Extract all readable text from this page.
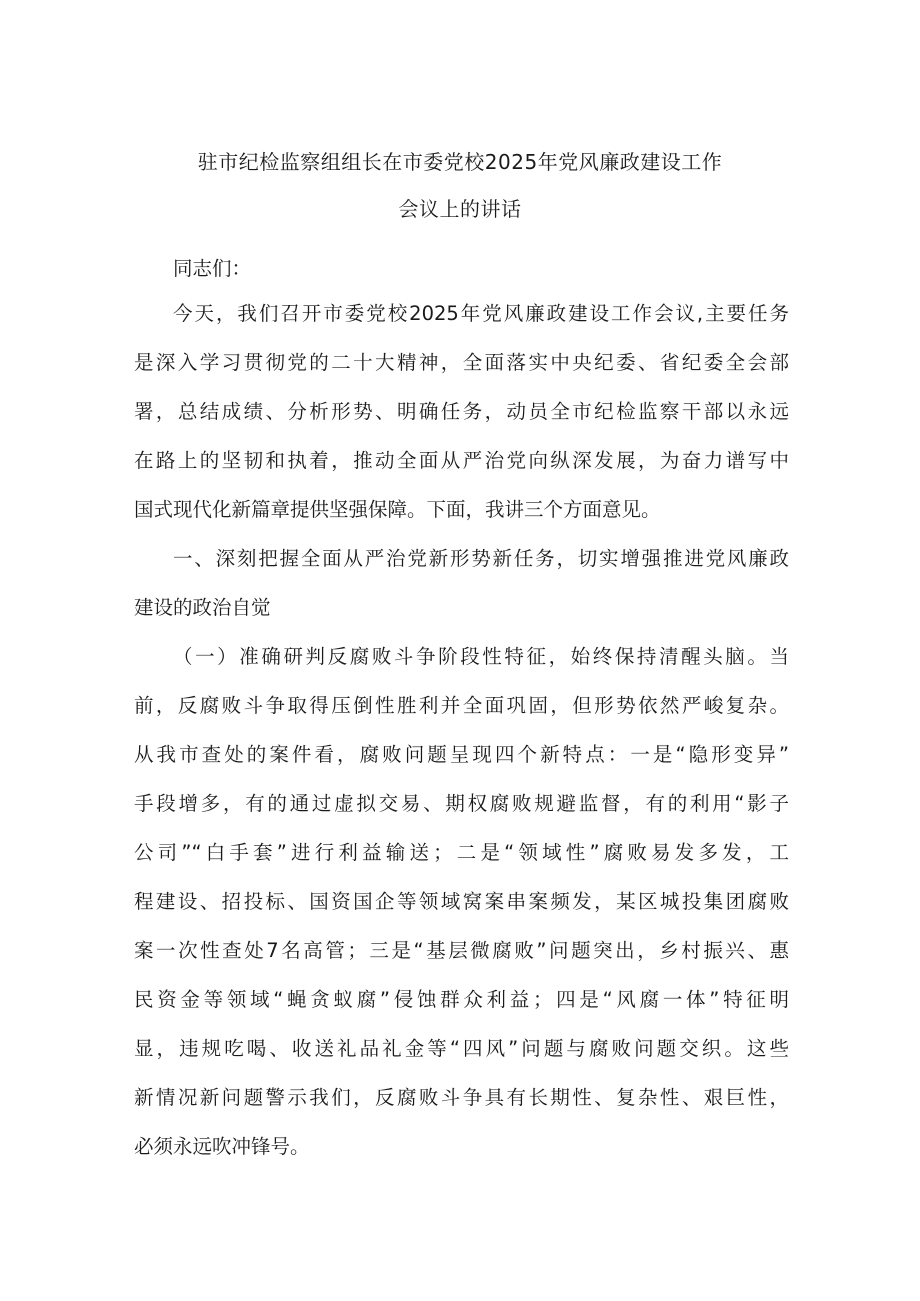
驻市纪检监察组组长在市委党校2025年党风廉政建设工作
会议上的讲话
同志们：
今天，我们召开市委党校2025年党风廉政建设工作会议,主要任务
是深入学习贯彻党的二十大精神，全面落实中央纪委、省纪委全会部
署，总结成绩、分析形势、明确任务，动员全市纪检监察干部以永远
在路上的坚韧和执着，推动全面从严治党向纵深发展，为奋力谱写中
国式现代化新篇章提供坚强保障。下面，我讲三个方面意见。
一、深刻把握全面从严治党新形势新任务，切实增强推进党风廉政
建设的政治自觉
（一）准确研判反腐败斗争阶段性特征，始终保持清醒头脑。当
前，反腐败斗争取得压倒性胜利并全面巩固，但形势依然严峻复杂。
从我市查处的案件看，腐败问题呈现四个新特点：一是“隐形变异”
手段增多，有的通过虚拟交易、期权腐败规避监督，有的利用“影子
公司”“白手套”进行利益输送；二是“领域性”腐败易发多发，工
程建设、招投标、国资国企等领域窝案串案频发，某区城投集团腐败
案一次性查处7名高管；三是“基层微腐败”问题突出，乡村振兴、惠
民资金等领域“蝇贪蚁腐”侵蚀群众利益；四是“风腐一体”特征明
显，违规吃喝、收送礼品礼金等“四风”问题与腐败问题交织。这些
新情况新问题警示我们，反腐败斗争具有长期性、复杂性、艰巨性，
必须永远吹冲锋号。
